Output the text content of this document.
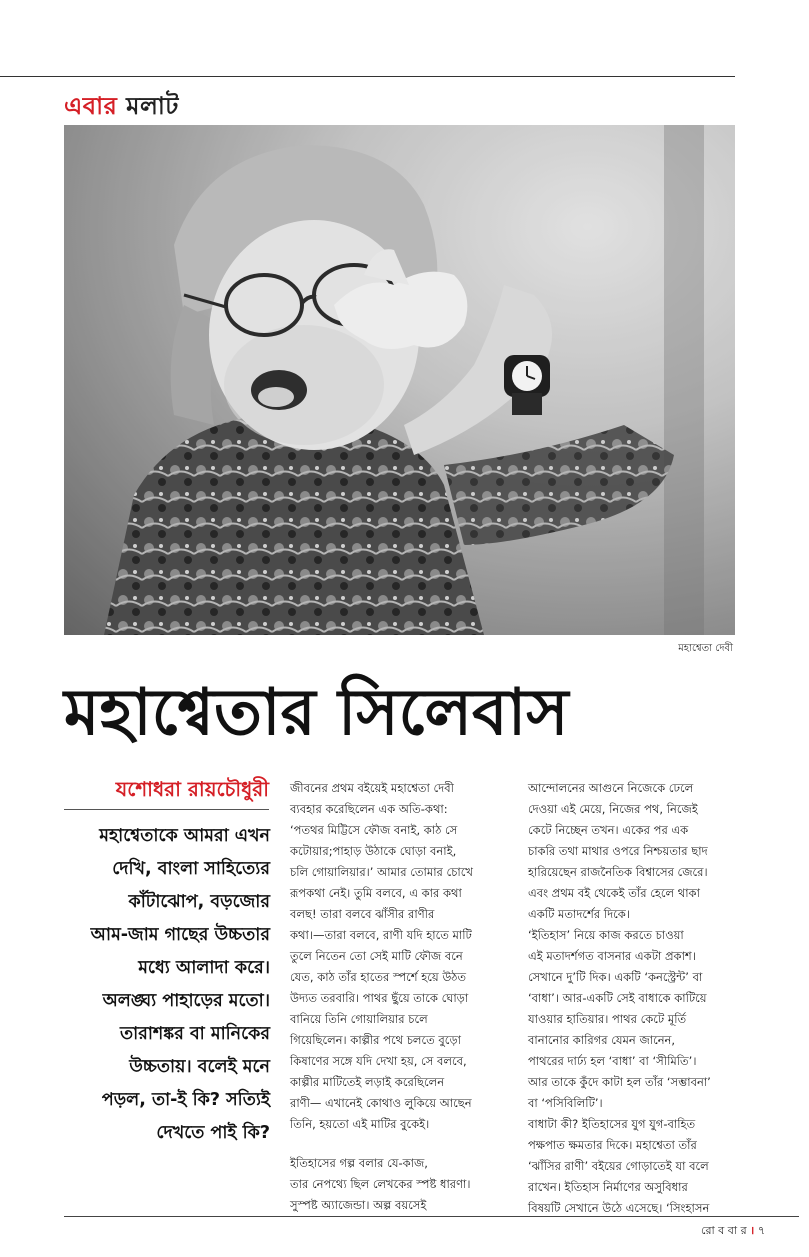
এবার মলাট
মহাশ্বেতা দেবী
মহাশ্বেতার সিলেবাস
যশোধরা রায়চৌধুরী
মহাশ্বেতাকে আমরা এখন
দেখি, বাংলা সাহিত্যের
কাঁটাঝোপ, বড়জোর
আম-জাম গাছের উচ্চতার
মধ্যে আলাদা করে।
অলঙ্ঘ্য পাহাড়ের মতো।
তারাশঙ্কর বা মানিকের
উচ্চতায়। বলেই মনে
পড়ল, তা-ই কি? সত্যিই
দেখতে পাই কি?
জীবনের প্রথম বইয়েই মহাশ্বেতা দেবী
ব্যবহার করেছিলেন এক অতি-কথা:
‘পতথর মিট্টিসে ফৌজ বনাই, কাঠ সে
কটোয়ার;পাহাড় উঠাকে ঘোড়া বনাই,
চলি গোয়ালিয়ার।’ আমার তোমার চোখে
রূপকথা নেই। তুমি বলবে, এ কার কথা
বলছ! তারা বলবে ঝাঁসীর রাণীর
কথা।—তারা বলবে, রাণী যদি হাতে মাটি
তুলে নিতেন তো সেই মাটি ফৌজ বনে
যেত, কাঠ তাঁর হাতের স্পর্শে হয়ে উঠত
উদ্যত তরবারি। পাথর ছুঁয়ে তাকে ঘোড়া
বানিয়ে তিনি গোয়ালিয়ার চলে
গিয়েছিলেন। কাল্পীর পথে চলতে বুড়ো
কিষাণের সঙ্গে যদি দেখা হয়, সে বলবে,
কাল্পীর মাটিতেই লড়াই করেছিলেন
রাণী— এখানেই কোথাও লুকিয়ে আছেন
তিনি, হয়তো এই মাটির বুকেই।
ইতিহাসের গল্প বলার যে-কাজ,
তার নেপথ্যে ছিল লেখকের স্পষ্ট ধারণা।
সুস্পষ্ট অ্যাজেন্ডা। অল্প বয়সেই
আন্দোলনের আগুনে নিজেকে ঢেলে
দেওয়া এই মেয়ে, নিজের পথ, নিজেই
কেটে নিচ্ছেন তখন। একের পর এক
চাকরি তথা মাথার ওপরে নিশ্চয়তার ছাদ
হারিয়েছেন রাজনৈতিক বিশ্বাসের জেরে।
এবং প্রথম বই থেকেই তাঁর হেলে থাকা
একটি মতাদর্শের দিকে।
‘ইতিহাস’ নিয়ে কাজ করতে চাওয়া
এই মতাদর্শগত বাসনার একটা প্রকাশ।
সেখানে দু’টি দিক। একটি ‘কনস্ট্রেন্ট’ বা
‘বাধা’। আর-একটি সেই বাধাকে কাটিয়ে
যাওয়ার হাতিয়ার। পাথর কেটে মূর্তি
বানানোর কারিগর যেমন জানেন,
পাথরের দার্ঢ্য হল ‘বাধা’ বা ‘সীমিতি’।
আর তাকে কুঁদে কাটা হল তাঁর ‘সম্ভাবনা’
বা ‘পসিবিলিটি’।
বাধাটা কী? ইতিহাসের যুগ যুগ-বাহিত
পক্ষপাত ক্ষমতার দিকে। মহাশ্বেতা তাঁর
‘ঝাঁসির রাণী’ বইয়ের গোড়াতেই যা বলে
রাখেন। ইতিহাস নির্মাণের অসুবিধার
বিষয়টি সেখানে উঠে এসেছে। ‘সিংহাসন
রো ব বা র । ৭
